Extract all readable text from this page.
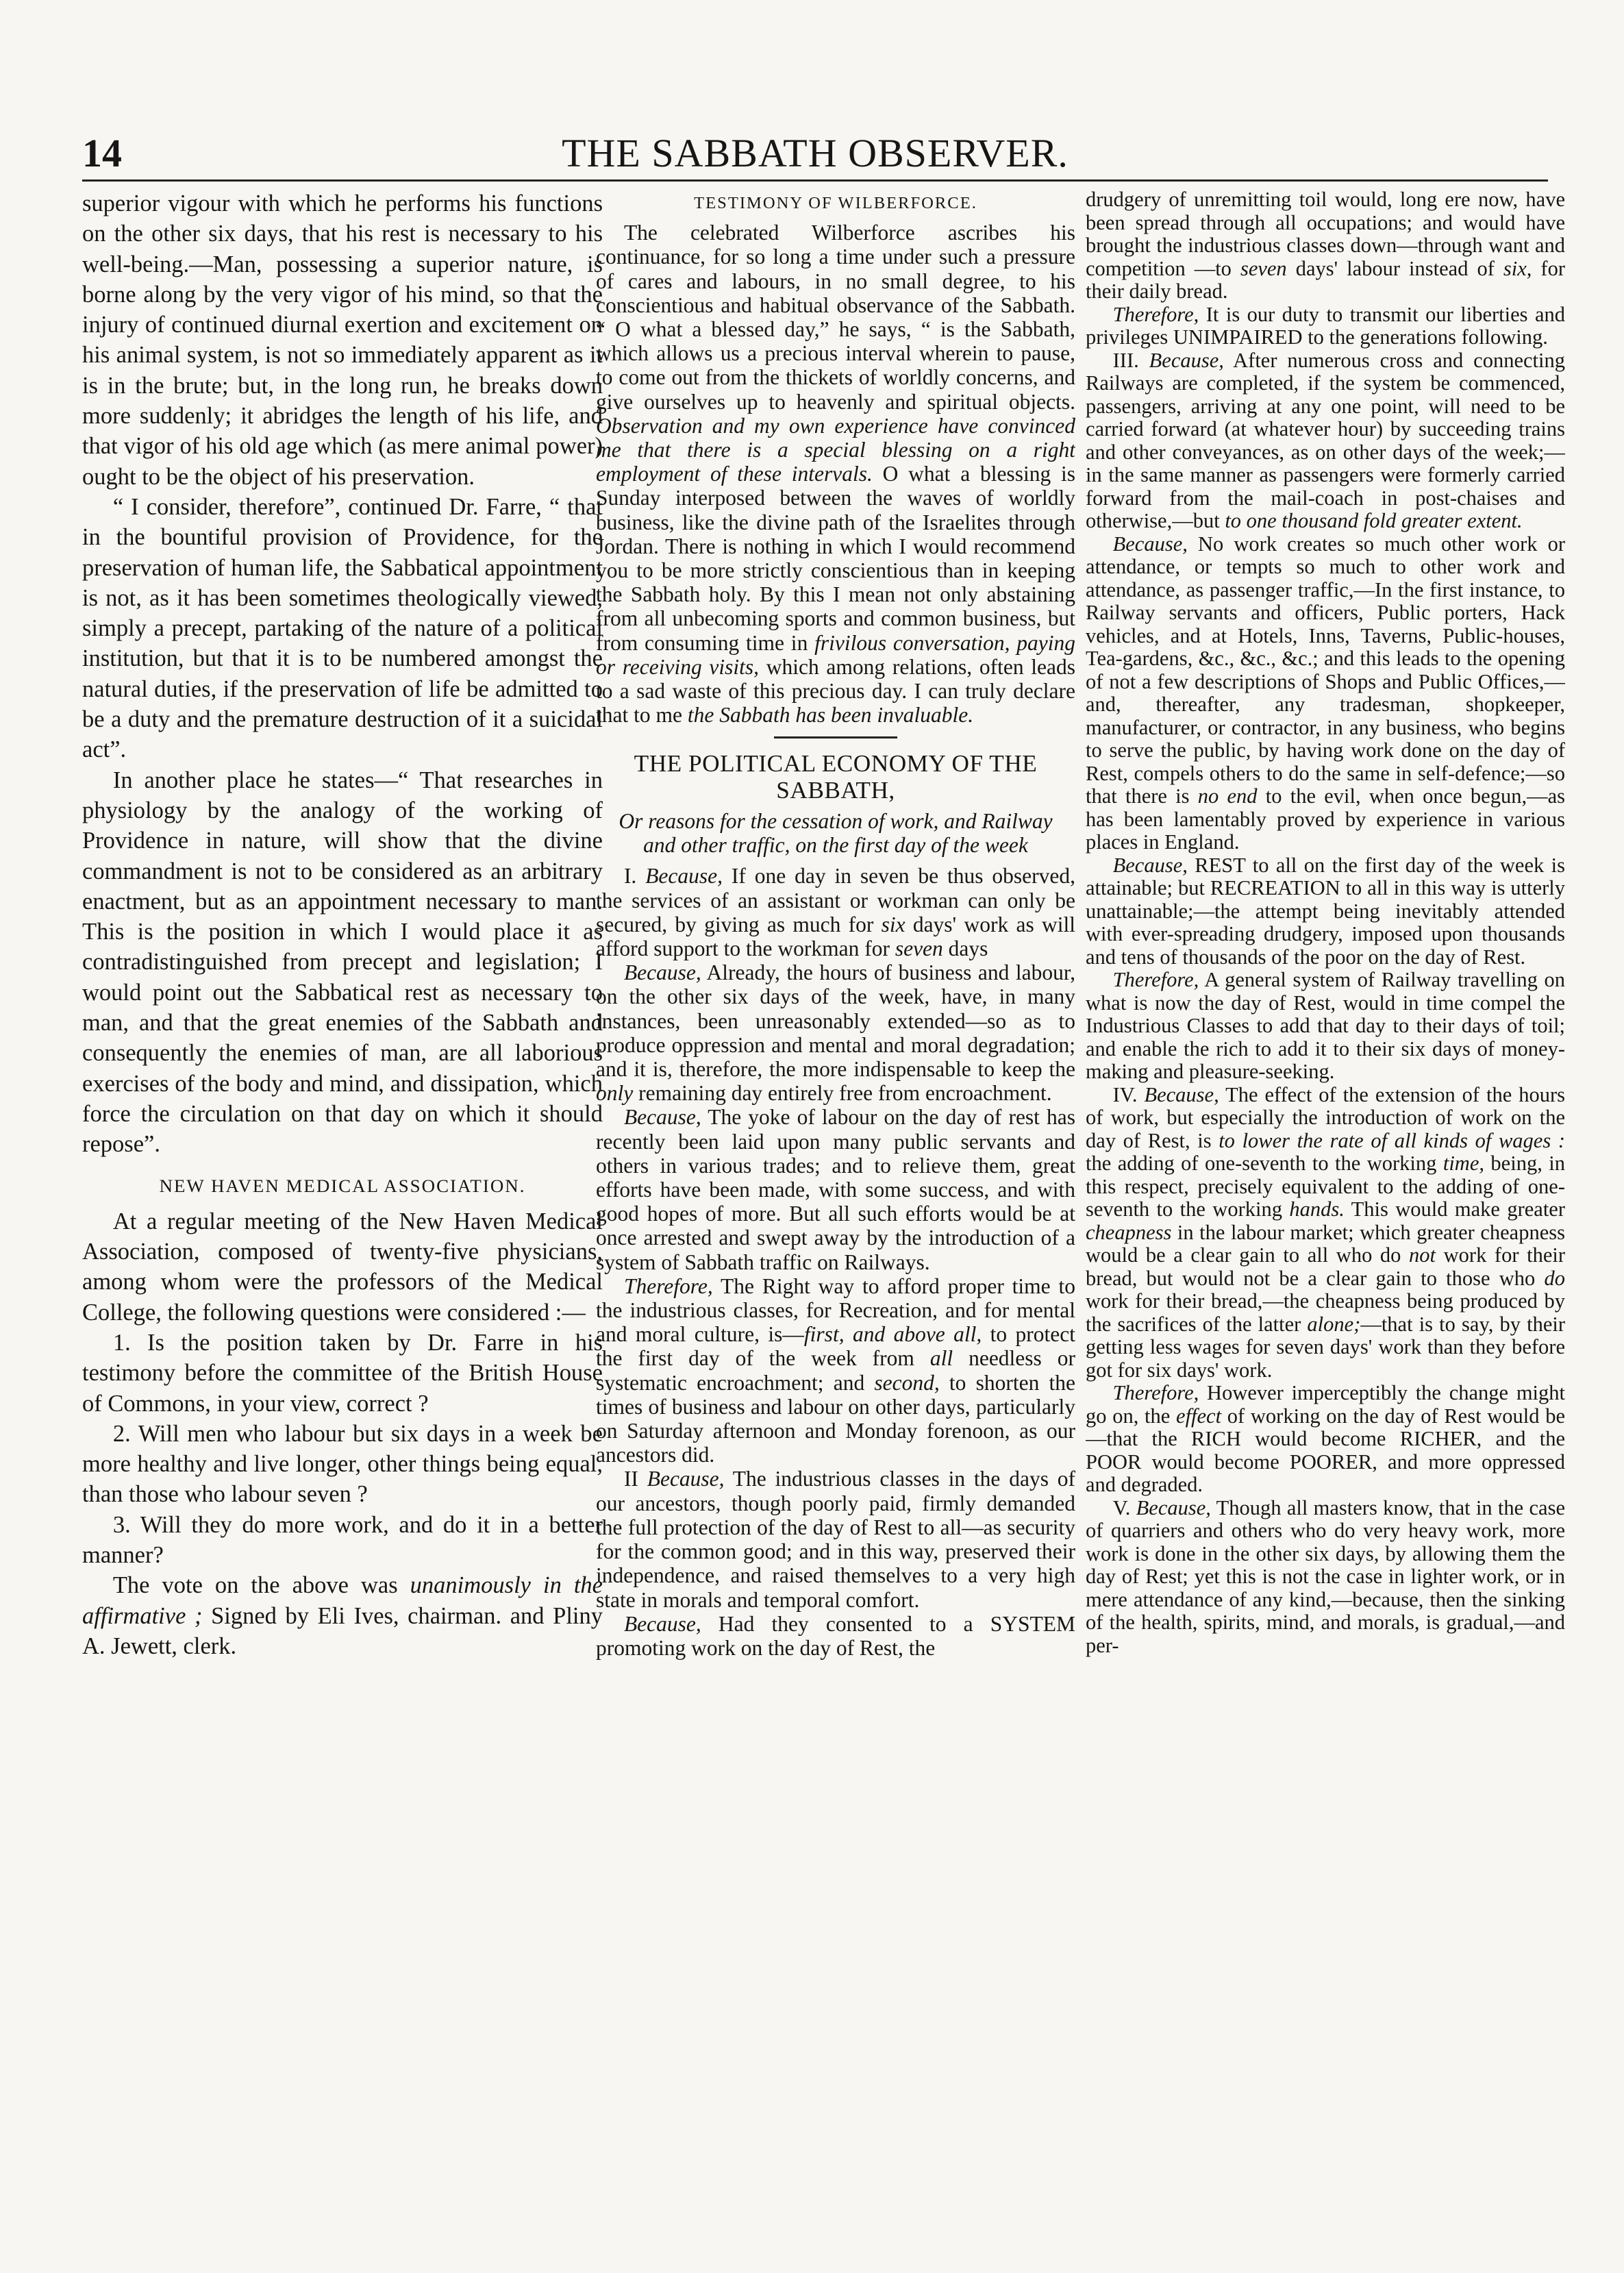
14	THE SABBATH OBSERVER.

superior vigour with which he performs his functions on the other six days, that his rest is necessary to his well-being.—Man, possessing a superior nature, is borne along by the very vigor of his mind, so that the injury of continued diurnal exertion and excitement on his animal system, is not so immediately apparent as it is in the brute; but, in the long run, he breaks down more suddenly; it abridges the length of his life, and that vigor of his old age which (as mere animal power) ought to be the object of his preservation.

“ I consider, therefore”, continued Dr. Farre, “ that in the bountiful provision of Providence, for the preservation of human life, the Sabbatical appointment is not, as it has been sometimes theologically viewed, simply a precept, partaking of the nature of a political institution, but that it is to be numbered amongst the natural duties, if the preservation of life be admitted to be a duty and the premature destruction of it a suicidal act”.

In another place he states—“ That researches in physiology by the analogy of the working of Providence in nature, will show that the divine commandment is not to be considered as an arbitrary enactment, but as an appointment necessary to man. This is the position in which I would place it as contradistinguished from precept and legislation; I would point out the Sabbatical rest as necessary to man, and that the great enemies of the Sabbath and consequently the enemies of man, are all laborious exercises of the body and mind, and dissipation, which force the circulation on that day on which it should repose”.

NEW HAVEN MEDICAL ASSOCIATION.

At a regular meeting of the New Haven Medical Association, composed of twenty-five physicians, among whom were the professors of the Medical College, the following questions were considered :—

1. Is the position taken by Dr. Farre in his testimony before the committee of the British House of Commons, in your view, correct ?

2. Will men who labour but six days in a week be more healthy and live longer, other things being equal, than those who labour seven ?

3. Will they do more work, and do it in a better manner?

The vote on the above was unanimously in the affirmative ; Signed by Eli Ives, chairman. and Pliny A. Jewett, clerk.

TESTIMONY OF WILBERFORCE.

The celebrated Wilberforce ascribes his continuance, for so long a time under such a pressure of cares and labours, in no small degree, to his conscientious and habitual observance of the Sabbath. “ O what a blessed day,” he says, “ is the Sabbath, which allows us a precious interval wherein to pause, to come out from the thickets of worldly concerns, and give ourselves up to heavenly and spiritual objects. Observation and my own experience have convinced me that there is a special blessing on a right employment of these intervals. O what a blessing is Sunday interposed between the waves of worldly business, like the divine path of the Israelites through Jordan. There is nothing in which I would recommend you to be more strictly conscientious than in keeping the Sabbath holy. By this I mean not only abstaining from all unbecoming sports and common business, but from consuming time in frivilous conversation, paying or receiving visits, which among relations, often leads to a sad waste of this precious day. I can truly declare that to me the Sabbath has been invaluable.

THE POLITICAL ECONOMY OF THE SABBATH,
Or reasons for the cessation of work, and Railway and other traffic, on the first day of the week

I. Because, If one day in seven be thus observed, the services of an assistant or workman can only be secured, by giving as much for six days' work as will afford support to the workman for seven days

Because, Already, the hours of business and labour, on the other six days of the week, have, in many instances, been unreasonably extended—so as to produce oppression and mental and moral degradation; and it is, therefore, the more indispensable to keep the only remaining day entirely free from encroachment.

Because, The yoke of labour on the day of rest has recently been laid upon many public servants and others in various trades; and to relieve them, great efforts have been made, with some success, and with good hopes of more. But all such efforts would be at once arrested and swept away by the introduction of a system of Sabbath traffic on Railways.

Therefore, The Right way to afford proper time to the industrious classes, for Recreation, and for mental and moral culture, is—first, and above all, to protect the first day of the week from all needless or systematic encroachment; and second, to shorten the times of business and labour on other days, particularly on Saturday afternoon and Monday forenoon, as our ancestors did.

II Because, The industrious classes in the days of our ancestors, though poorly paid, firmly demanded the full protection of the day of Rest to all—as security for the common good; and in this way, preserved their independence, and raised themselves to a very high state in morals and temporal comfort.

Because, Had they consented to a SYSTEM promoting work on the day of Rest, the

drudgery of unremitting toil would, long ere now, have been spread through all occupations; and would have brought the industrious classes down—through want and competition —to seven days' labour instead of six, for their daily bread.

Therefore, It is our duty to transmit our liberties and privileges UNIMPAIRED to the generations following.

III. Because, After numerous cross and connecting Railways are completed, if the system be commenced, passengers, arriving at any one point, will need to be carried forward (at whatever hour) by succeeding trains and other conveyances, as on other days of the week;—in the same manner as passengers were formerly carried forward from the mail-coach in post-chaises and otherwise,—but to one thousand fold greater extent.

Because, No work creates so much other work or attendance, or tempts so much to other work and attendance, as passenger traffic,—In the first instance, to Railway servants and officers, Public porters, Hack vehicles, and at Hotels, Inns, Taverns, Public-houses, Tea-gardens, &c., &c., &c.; and this leads to the opening of not a few descriptions of Shops and Public Offices,—and, thereafter, any tradesman, shopkeeper, manufacturer, or contractor, in any business, who begins to serve the public, by having work done on the day of Rest, compels others to do the same in self-defence;—so that there is no end to the evil, when once begun,—as has been lamentably proved by experience in various places in England.

Because, REST to all on the first day of the week is attainable; but RECREATION to all in this way is utterly unattainable;—the attempt being inevitably attended with ever-spreading drudgery, imposed upon thousands and tens of thousands of the poor on the day of Rest.

Therefore, A general system of Railway travelling on what is now the day of Rest, would in time compel the Industrious Classes to add that day to their days of toil; and enable the rich to add it to their six days of money-making and pleasure-seeking.

IV. Because, The effect of the extension of the hours of work, but especially the introduction of work on the day of Rest, is to lower the rate of all kinds of wages : the adding of one-seventh to the working time, being, in this respect, precisely equivalent to the adding of one-seventh to the working hands. This would make greater cheapness in the labour market; which greater cheapness would be a clear gain to all who do not work for their bread, but would not be a clear gain to those who do work for their bread,—the cheapness being produced by the sacrifices of the latter alone;—that is to say, by their getting less wages for seven days' work than they before got for six days' work.

Therefore, However imperceptibly the change might go on, the effect of working on the day of Rest would be—that the RICH would become RICHER, and the POOR would become POORER, and more oppressed and degraded.

V. Because, Though all masters know, that in the case of quarriers and others who do very heavy work, more work is done in the other six days, by allowing them the day of Rest; yet this is not the case in lighter work, or in mere attendance of any kind,—because, then the sinking of the health, spirits, mind, and morals, is gradual,—and per-
